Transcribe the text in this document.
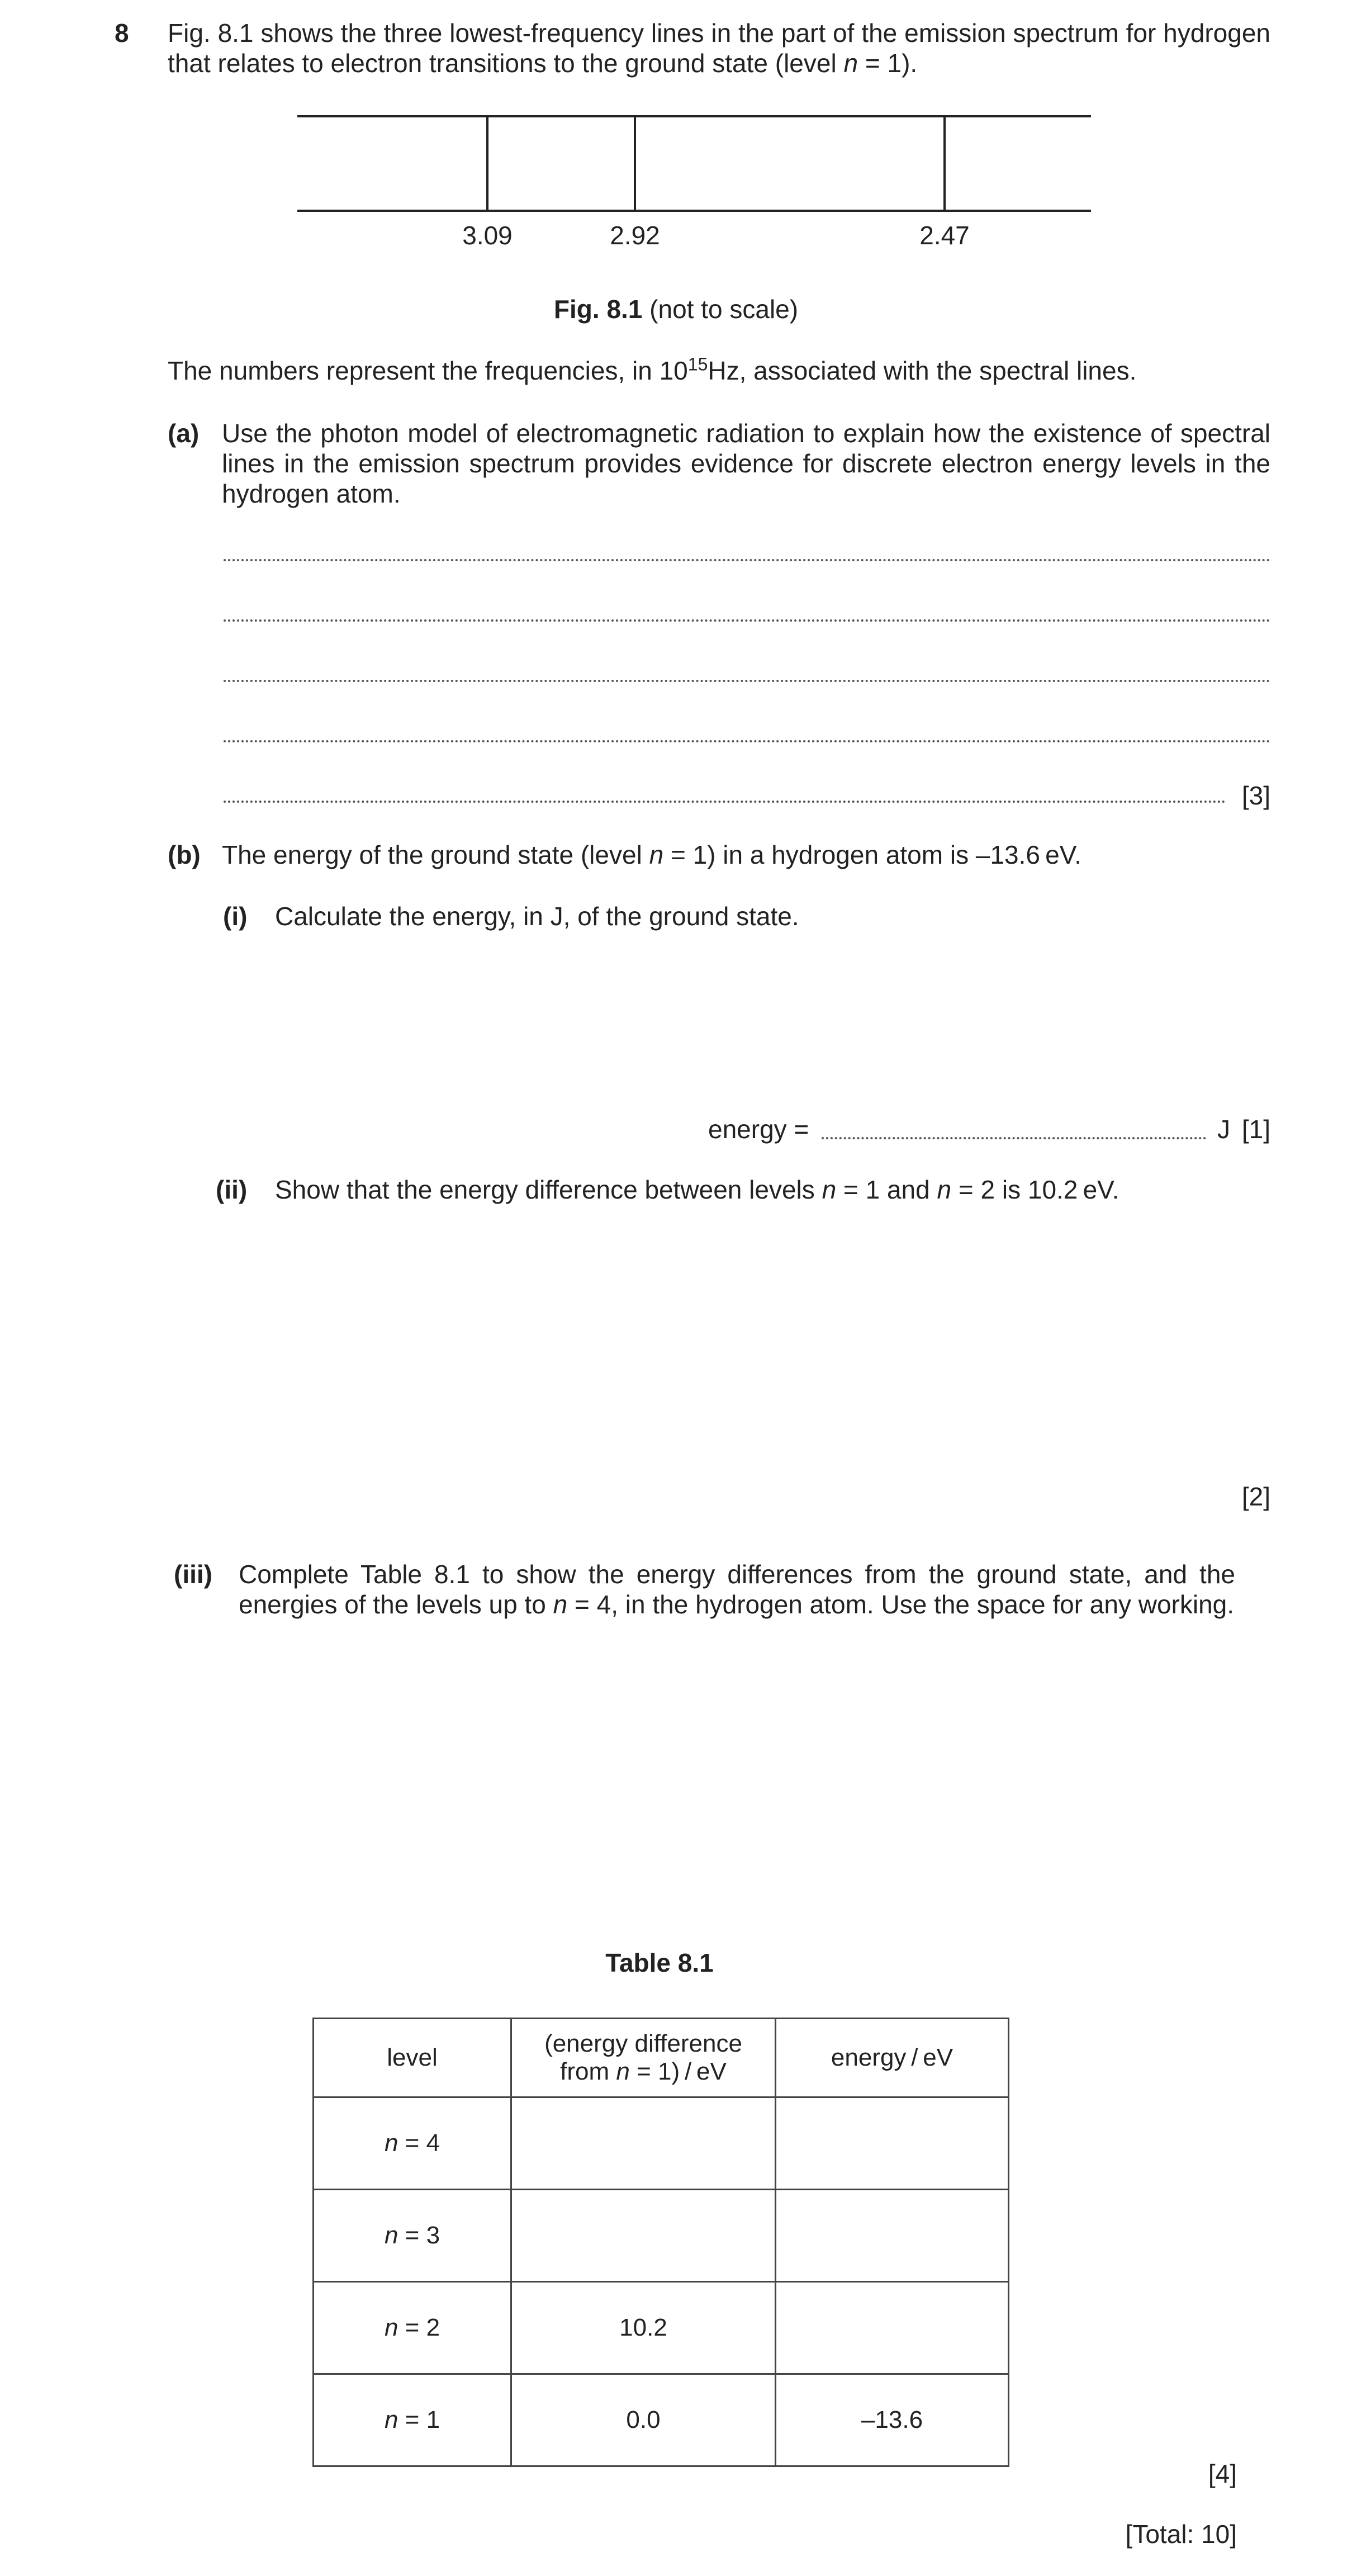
8 Fig. 8.1 shows the three lowest-frequency lines in the part of the emission spectrum for hydrogen
that relates to electron transitions to the ground state (level n = 1).
3.09	2.92	2.47
Fig. 8.1 (not to scale)
The numbers represent the frequencies, in $10^{15}Hz$, associated with the spectral lines.
(a) Use the photon model of electromagnetic radiation to explain how the existence of spectral
lines in the emission spectrum provides evidence for discrete electron energy levels in the
hydrogen atom.
[3]
(b) The energy of the ground state (level n = 1) in a hydrogen atom is –13.6 eV.
(i) Calculate the energy, in J, of the ground state.
energy =	J [1]
(ii) Show that the energy difference between levels n = 1 and n = 2 is 10.2 eV.
[2]
(iii) Complete Table 8.1 to show the energy differences from the ground state, and the
energies of the levels up to n = 4, in the hydrogen atom. Use the space for any working.
Table 8.1
level	(energy difference
from n = 1) / eV	energy / eV
n = 4		
n = 3		
n = 2	10.2	
n = 1	0.0	–13.6
[4]
[Total: 10]
